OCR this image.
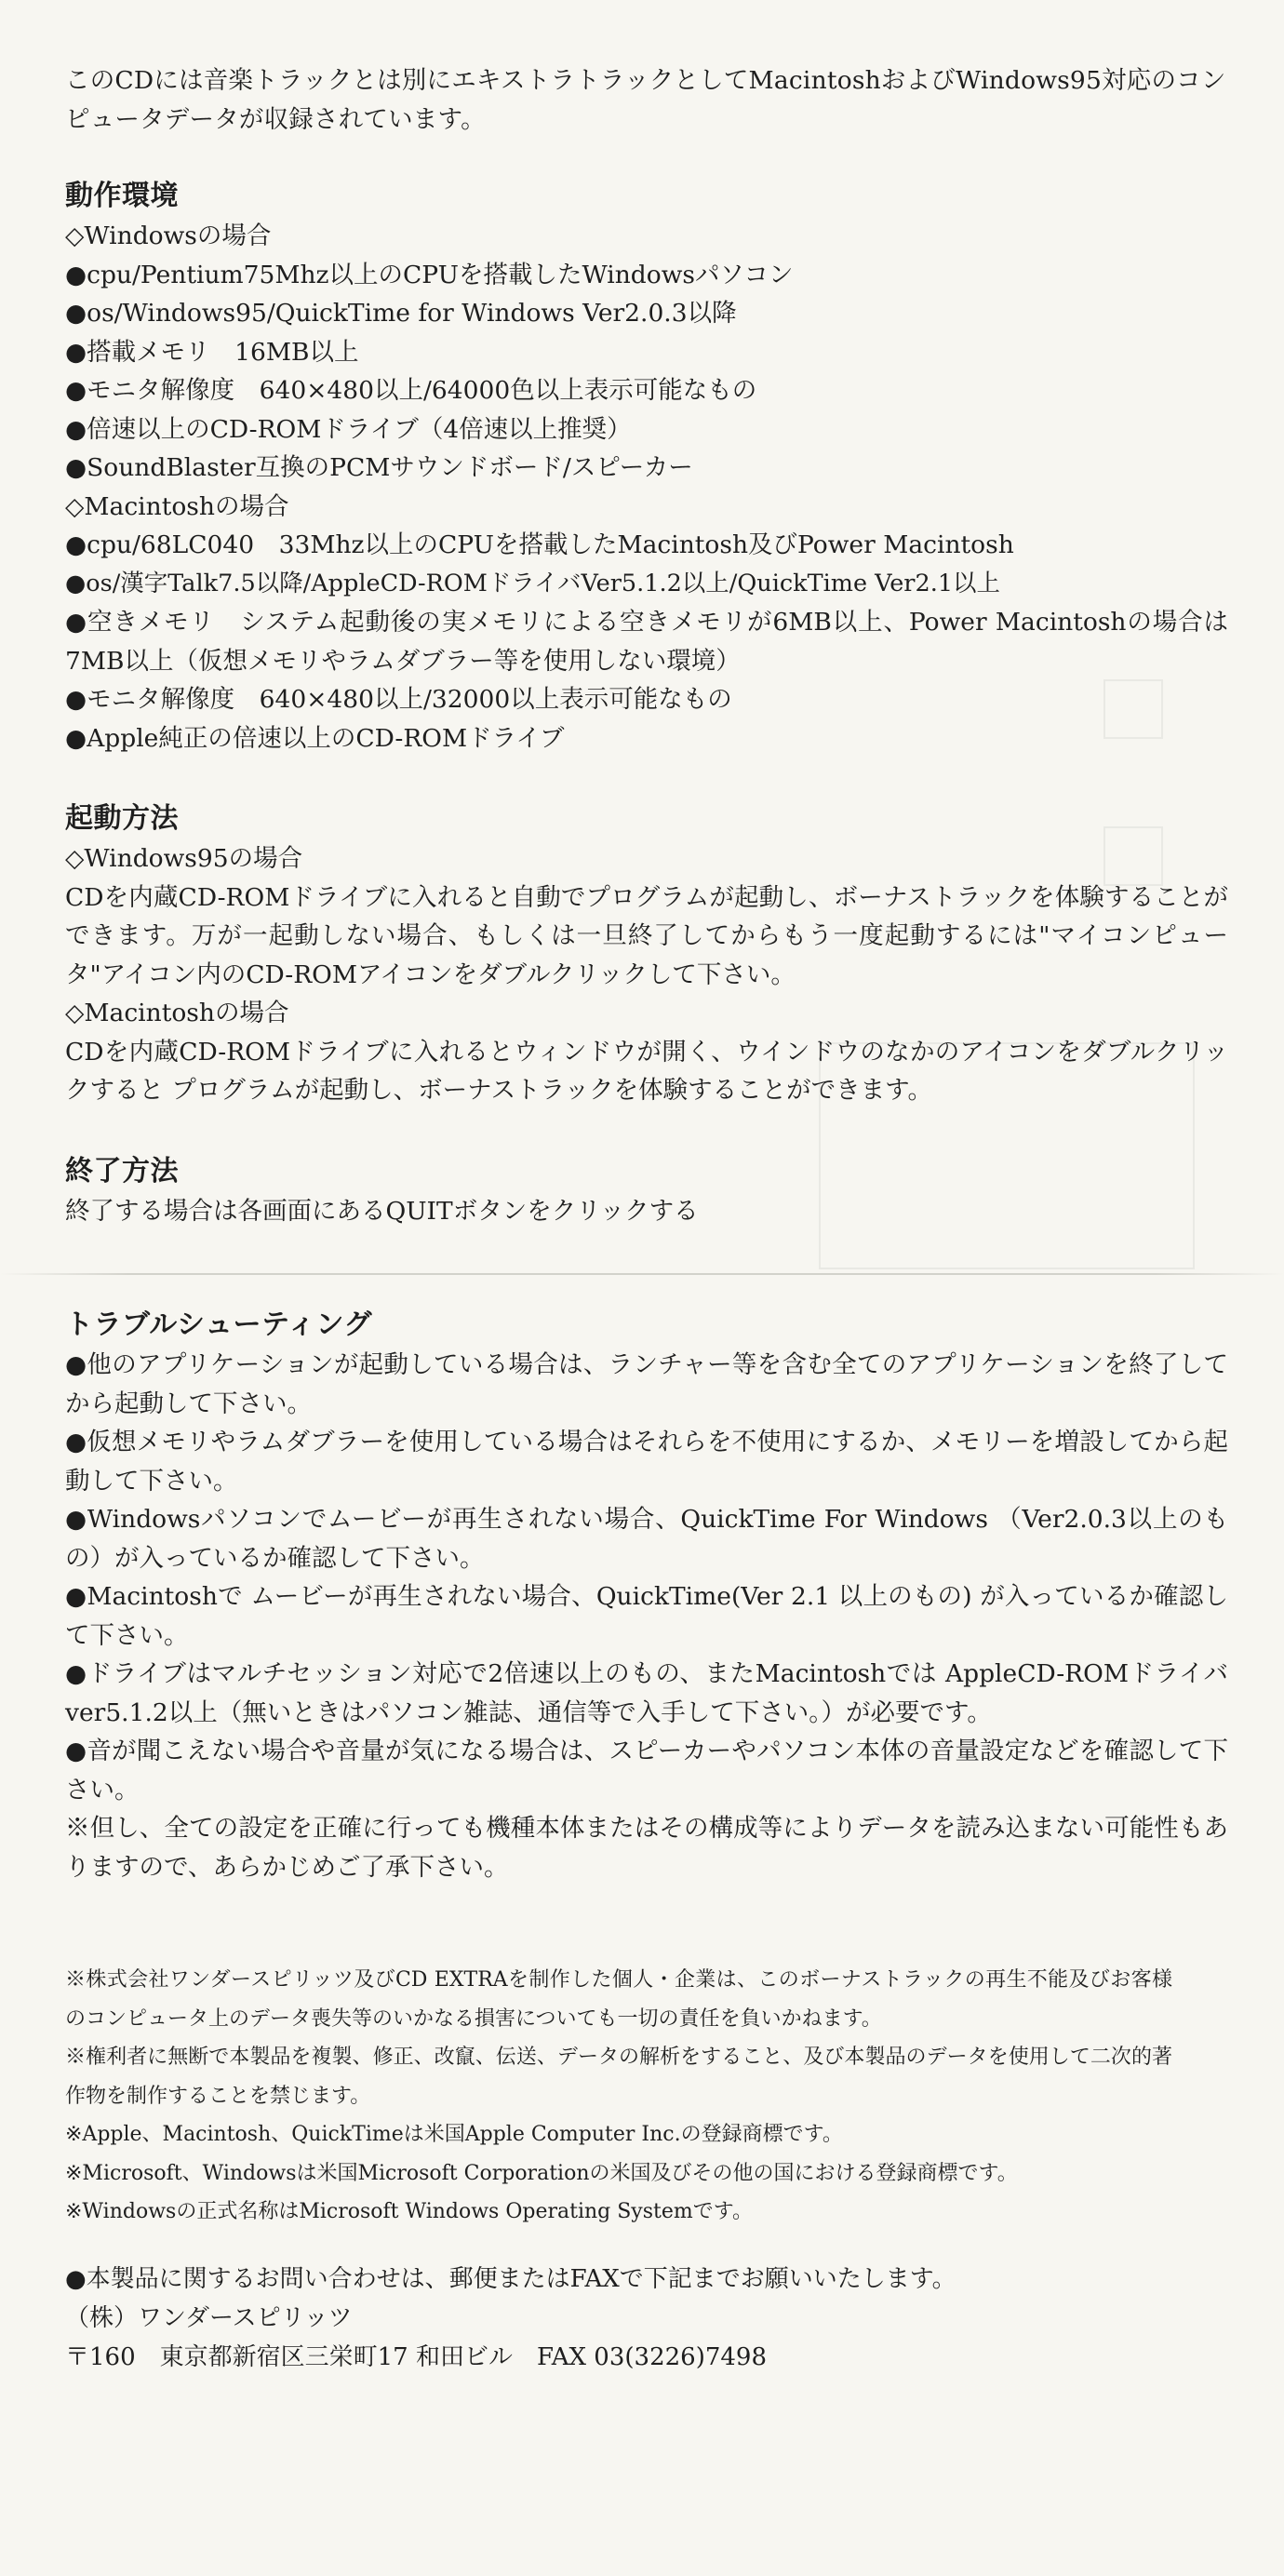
このCDには音楽トラックとは別にエキストラトラックとしてMacintoshおよびWindows95対応のコンピュータデータが収録されています。

動作環境

◇Windowsの場合

●cpu/Pentium75Mhz以上のCPUを搭載したWindowsパソコン

●os/Windows95/QuickTime for Windows Ver2.0.3以降

●搭載メモリ　16MB以上

●モニタ解像度　640×480以上/64000色以上表示可能なもの

●倍速以上のCD-ROMドライブ（4倍速以上推奨）

●SoundBlaster互換のPCMサウンドボード/スピーカー

◇Macintoshの場合

●cpu/68LC040　33Mhz以上のCPUを搭載したMacintosh及びPower Macintosh

●os/漢字Talk7.5以降/AppleCD-ROMドライバVer5.1.2以上/QuickTime Ver2.1以上

●空きメモリ　システム起動後の実メモリによる空きメモリが6MB以上、Power Macintoshの場合は7MB以上（仮想メモリやラムダブラー等を使用しない環境）

●モニタ解像度　640×480以上/32000以上表示可能なもの

●Apple純正の倍速以上のCD-ROMドライブ

起動方法

◇Windows95の場合

CDを内蔵CD-ROMドライブに入れると自動でプログラムが起動し、ボーナストラックを体験することができます。万が一起動しない場合、もしくは一旦終了してからもう一度起動するには"マイコンピュータ"アイコン内のCD-ROMアイコンをダブルクリックして下さい。

◇Macintoshの場合

CDを内蔵CD-ROMドライブに入れるとウィンドウが開く、ウインドウのなかのアイコンをダブルクリックすると プログラムが起動し、ボーナストラックを体験することができます。

終了方法

終了する場合は各画面にあるQUITボタンをクリックする

トラブルシューティング

●他のアプリケーションが起動している場合は、ランチャー等を含む全てのアプリケーションを終了してから起動して下さい。

●仮想メモリやラムダブラーを使用している場合はそれらを不使用にするか、メモリーを増設してから起動して下さい。

●Windowsパソコンでムービーが再生されない場合、QuickTime For Windows （Ver2.0.3以上のもの）が入っているか確認して下さい。

●Macintoshで ムービーが再生されない場合、QuickTime(Ver 2.1 以上のもの) が入っているか確認して下さい。

●ドライブはマルチセッション対応で2倍速以上のもの、またMacintoshでは AppleCD-ROMドライバver5.1.2以上（無いときはパソコン雑誌、通信等で入手して下さい。）が必要です。

●音が聞こえない場合や音量が気になる場合は、スピーカーやパソコン本体の音量設定などを確認して下さい。

※但し、全ての設定を正確に行っても機種本体またはその構成等によりデータを読み込まない可能性もありますので、あらかじめご了承下さい。

※株式会社ワンダースピリッツ及びCD EXTRAを制作した個人・企業は、このボーナストラックの再生不能及びお客様のコンピュータ上のデータ喪失等のいかなる損害についても一切の責任を負いかねます。

※権利者に無断で本製品を複製、修正、改竄、伝送、データの解析をすること、及び本製品のデータを使用して二次的著作物を制作することを禁じます。

※Apple、Macintosh、QuickTimeは米国Apple Computer Inc.の登録商標です。

※Microsoft、Windowsは米国Microsoft Corporationの米国及びその他の国における登録商標です。

※Windowsの正式名称はMicrosoft Windows Operating Systemです。

●本製品に関するお問い合わせは、郵便またはFAXで下記までお願いいたします。

（株）ワンダースピリッツ

〒160　東京都新宿区三栄町17 和田ビル　FAX 03(3226)7498
